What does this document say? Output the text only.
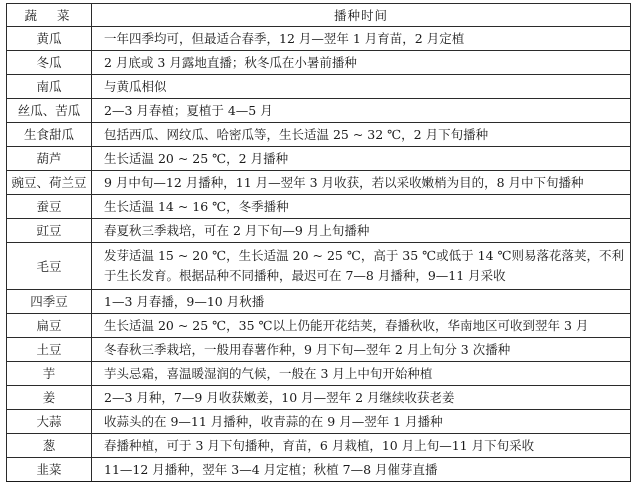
蔬 菜	播种时间
黄瓜	一年四季均可，但最适合春季，12 月—翌年 1 月育苗，2 月定植
冬瓜	2 月底或 3 月露地直播；秋冬瓜在小暑前播种
南瓜	与黄瓜相似
丝瓜、苦瓜	2—3 月春植；夏植于 4—5 月
生食甜瓜	包括西瓜、网纹瓜、哈密瓜等，生长适温 25 ~ 32 ℃，2 月下旬播种
葫芦	生长适温 20 ~ 25 ℃，2 月播种
豌豆、荷兰豆	9 月中旬—12 月播种，11 月—翌年 3 月收获，若以采收嫩梢为目的，8 月中下旬播种
蚕豆	生长适温 14 ~ 16 ℃，冬季播种
豇豆	春夏秋三季栽培，可在 2 月下旬—9 月上旬播种
毛豆	发芽适温 15 ~ 20 ℃，生长适温 20 ~ 25 ℃，高于 35 ℃或低于 14 ℃则易落花落荚，不利于生长发育。根据品种不同播种，最迟可在 7—8 月播种，9—11 月采收
四季豆	1—3 月春播，9—10 月秋播
扁豆	生长适温 20 ~ 25 ℃，35 ℃以上仍能开花结荚，春播秋收，华南地区可收到翌年 3 月
土豆	冬春秋三季栽培，一般用春薯作种，9 月下旬—翌年 2 月上旬分 3 次播种
芋	芋头忌霜，喜温暖湿润的气候，一般在 3 月上中旬开始种植
姜	2—3 月种，7—9 月收获嫩姜，10 月—翌年 2 月继续收获老姜
大蒜	收蒜头的在 9—11 月播种，收青蒜的在 9 月—翌年 1 月播种
葱	春播种植，可于 3 月下旬播种，育苗，6 月栽植，10 月上旬—11 月下旬采收
韭菜	11—12 月播种，翌年 3—4 月定植；秋植 7—8 月催芽直播
